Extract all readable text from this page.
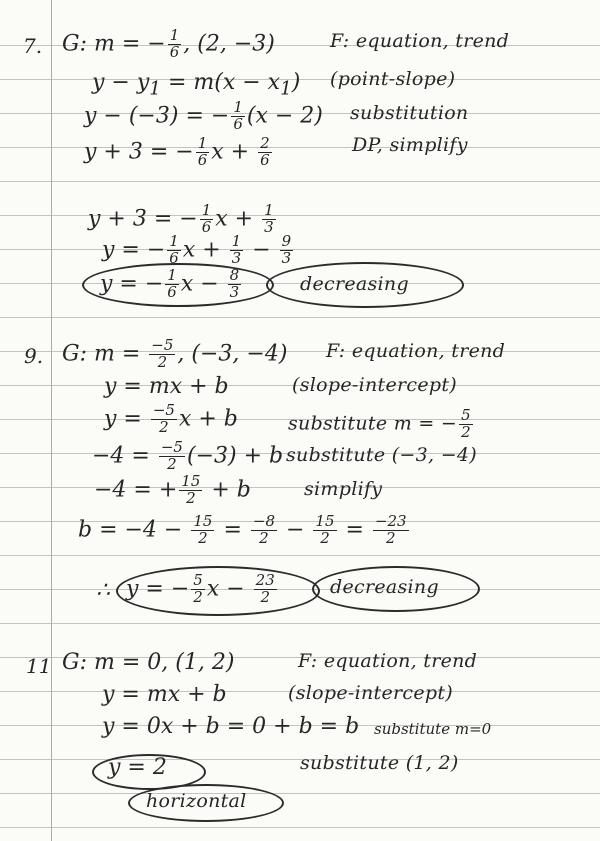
7. G: m = − $\frac{1}{6}$ , (2, −3)	F: equation, trend
$y - y_1 = m(x - x_1)$ (point-slope)
y − (−3) = − $\frac{1}{6} (x - 2)$ substitution
y + 3 = − $\frac{1}{6}$ $x + \frac{2}{6}$	DP, simplify
y + 3 = − $\frac{1}{6}$ $x + \frac{1}{3}$
y = − $\frac{1}{6}$ $x + \frac{1}{3} - \frac{9}{3}$
y = − $\frac{1}{6}$ $x - \frac{8}{3}$	decreasing
9. G: $m = \frac{-5}{2}$ , (−3, −4) F: equation, trend
y = mx + b	(slope-intercept)
$y = \frac{-5}{2}$ x + b	substitute m = − $\frac{5}{2}$
$-4 = \frac{-5}{2} (-3) + b$ substitute (−3, −4)
−4 = + $\frac{15}{2} + b$	simplify
$b = -4 - \frac{15}{2} = \frac{-8}{2} - \frac{15}{2} = \frac{-23}{2}$
∴ y = − $\frac{5}{2}$ $x - \frac{23}{2}$	decreasing
11 G: m = 0, (1, 2)	F: equation, trend
y = mx + b	(slope-intercept)
y = 0x + b = 0 + b = b substitute m=0
y = 2	substitute (1, 2)
horizontal
